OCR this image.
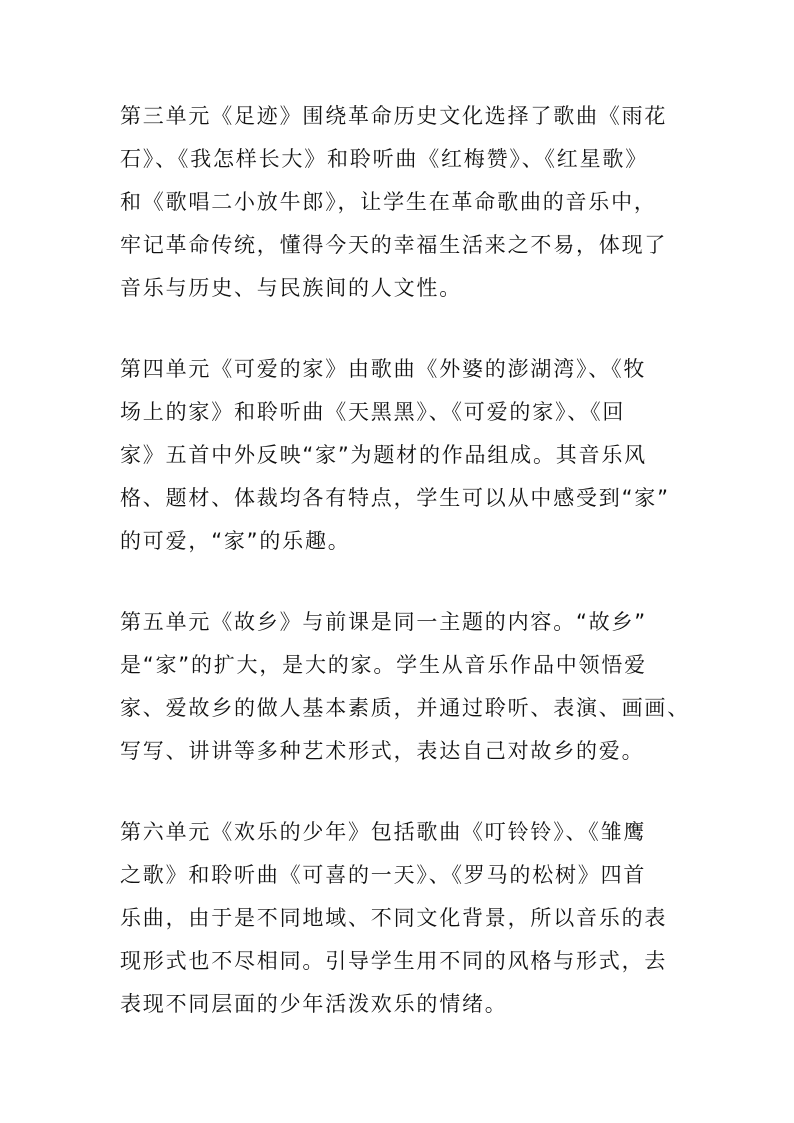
第三单元《足迹》围绕革命历史文化选择了歌曲《雨花
石》、《我怎样长大》和聆听曲《红梅赞》、《红星歌》
和《歌唱二小放牛郎》，让学生在革命歌曲的音乐中，
牢记革命传统，懂得今天的幸福生活来之不易，体现了
音乐与历史、与民族间的人文性。

第四单元《可爱的家》由歌曲《外婆的澎湖湾》、《牧
场上的家》和聆听曲《天黑黑》、《可爱的家》、《回
家》五首中外反映“家”为题材的作品组成。其音乐风
格、题材、体裁均各有特点，学生可以从中感受到“家”
的可爱，“家”的乐趣。

第五单元《故乡》与前课是同一主题的内容。“故乡”
是“家”的扩大，是大的家。学生从音乐作品中领悟爱
家、爱故乡的做人基本素质，并通过聆听、表演、画画、
写写、讲讲等多种艺术形式，表达自己对故乡的爱。

第六单元《欢乐的少年》包括歌曲《叮铃铃》、《雏鹰
之歌》和聆听曲《可喜的一天》、《罗马的松树》四首
乐曲，由于是不同地域、不同文化背景，所以音乐的表
现形式也不尽相同。引导学生用不同的风格与形式，去
表现不同层面的少年活泼欢乐的情绪。
